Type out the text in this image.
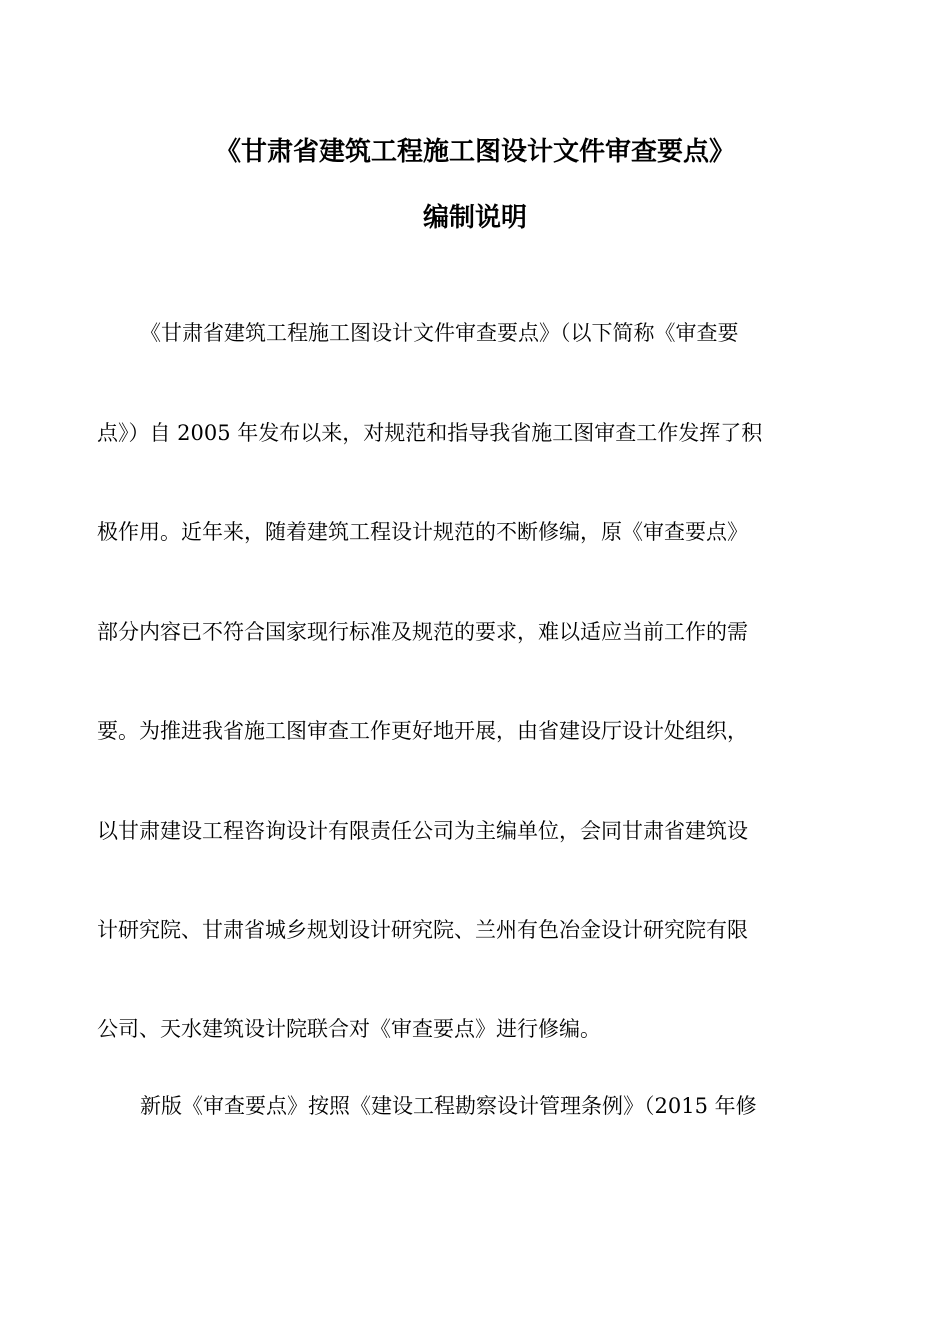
《甘肃省建筑工程施工图设计文件审查要点》
编制说明
《甘肃省建筑工程施工图设计文件审查要点》（以下简称《审查要
点》）自 2005 年发布以来，对规范和指导我省施工图审查工作发挥了积
极作用。近年来，随着建筑工程设计规范的不断修编，原《审查要点》
部分内容已不符合国家现行标准及规范的要求，难以适应当前工作的需
要。为推进我省施工图审查工作更好地开展，由省建设厅设计处组织，
以甘肃建设工程咨询设计有限责任公司为主编单位，会同甘肃省建筑设
计研究院、甘肃省城乡规划设计研究院、兰州有色冶金设计研究院有限
公司、天水建筑设计院联合对《审查要点》进行修编。
新版《审查要点》按照《建设工程勘察设计管理条例》（2015 年修
